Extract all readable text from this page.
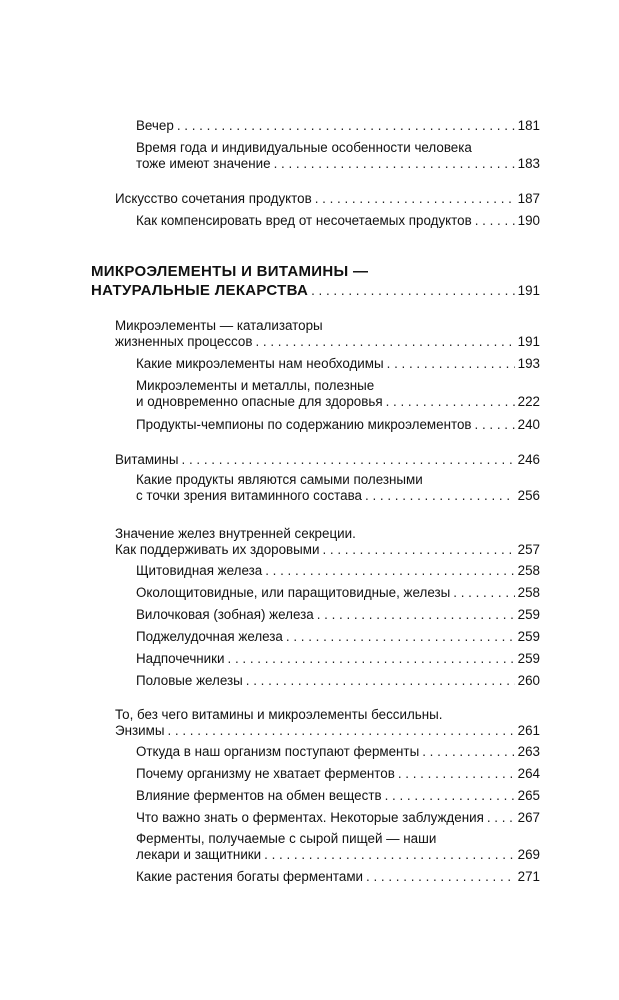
Вечер . . .	181
Время года и индивидуальные особенности человека
тоже имеют значение . . .	183
Искусство сочетания продуктов . . .	187
Как компенсировать вред от несочетаемых продуктов . . .	190
МИКРОЭЛЕМЕНТЫ И ВИТАМИНЫ —
НАТУРАЛЬНЫЕ ЛЕКАРСТВА . . .	191
Микроэлементы — катализаторы
жизненных процессов . . .	191
Какие микроэлементы нам необходимы . . .	193
Микроэлементы и металлы, полезные
и одновременно опасные для здоровья . . .	222
Продукты-чемпионы по содержанию микроэлементов . . .	240
Витамины . . .	246
Какие продукты являются самыми полезными
с точки зрения витаминного состава . . .	256
Значение желез внутренней секреции.
Как поддерживать их здоровыми . . .	257
Щитовидная железа . . .	258
Околощитовидные, или паращитовидные, железы . . .	258
Вилочковая (зобная) железа . . .	259
Поджелудочная железа . . .	259
Надпочечники . . .	259
Половые железы . . .	260
То, без чего витамины и микроэлементы бессильны.
Энзимы . . .	261
Откуда в наш организм поступают ферменты . . .	263
Почему организму не хватает ферментов . . .	264
Влияние ферментов на обмен веществ . . .	265
Что важно знать о ферментах. Некоторые заблуждения . . .	267
Ферменты, получаемые с сырой пищей — наши
лекари и защитники . . .	269
Какие растения богаты ферментами . . .	271
